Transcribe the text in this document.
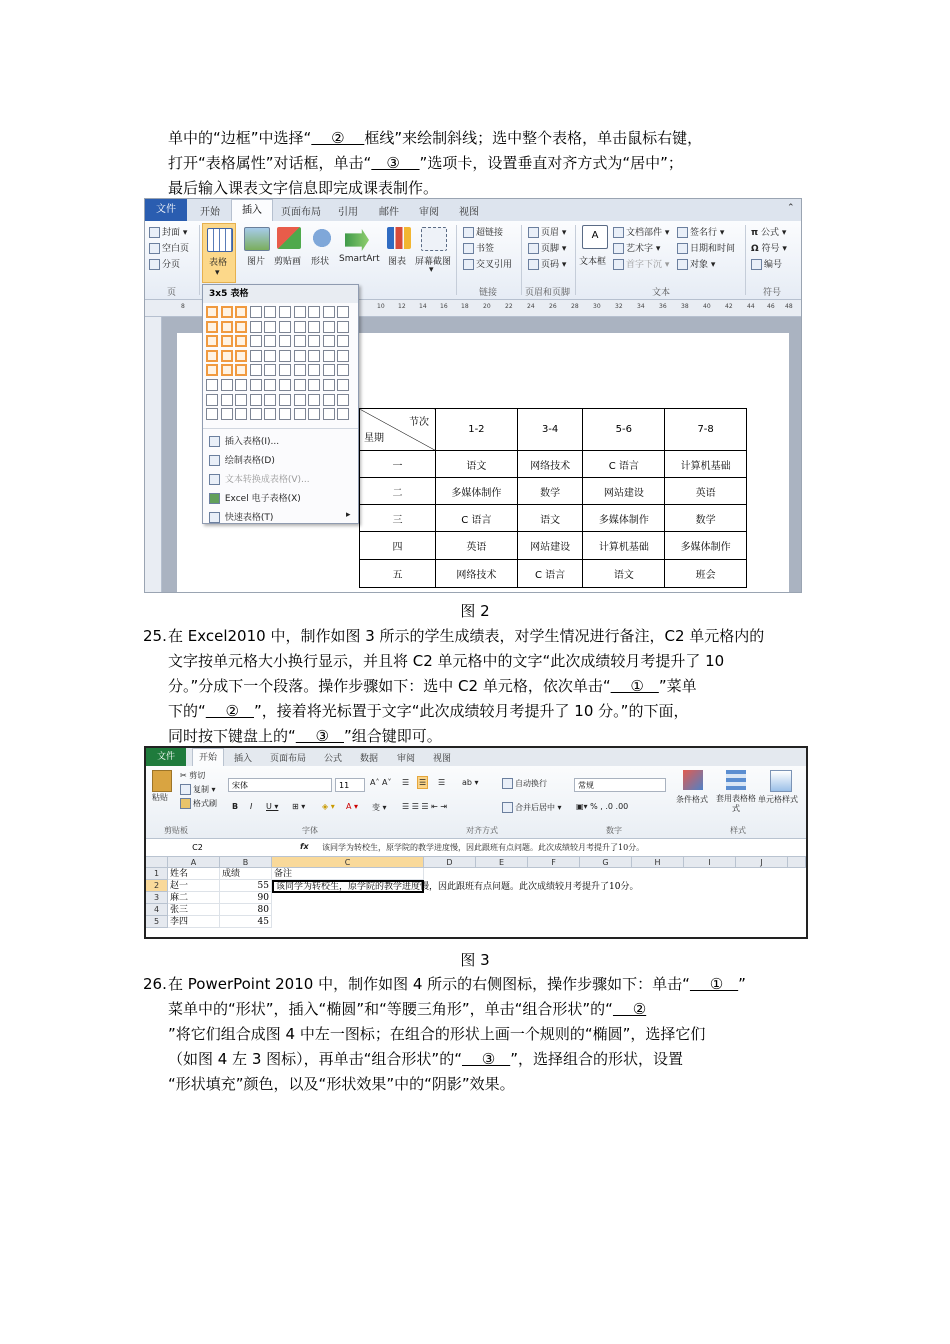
单中的“边框”中选择“　 ② 　框线”来绘制斜线；选中整个表格，单击鼠标右键，

打开“表格属性”对话框，单击“　③ 　”选项卡，设置垂直对齐方式为“居中”；

最后输入课表文字信息即完成课表制作。

文件	开始	插入	页面布局 引用 邮件 审阅 视图	⌃
封面 ▾
空白页
分页	表格
▾
图片 剪贴画 形状 SmartArt 图表 屏幕截图
▾
超链接
书签
交叉引用
页眉 ▾
页脚 ▾
页码 ▾
A
文本框
文档部件 ▾
艺术字 ▾
首字下沉 ▾
签名行 ▾
日期和时间
对象 ▾
π 公式 ▾
Ω 符号 ▾
编号
页	链接	页眉和页脚	文本	符号
8	10 12 14 16 18 20 22 24 26 28 30 32 34 36 38 40 42 44 46 48
节次
星期	1-2	3-4	5-6	7-8
一	语文	网络技术	C 语言	计算机基础
二	多媒体制作	数学	网站建设	英语
三	C 语言	语文	多媒体制作	数学
四	英语	网站建设	计算机基础	多媒体制作
五	网络技术	C 语言	语文	班会
3x5 表格
插入表格(I)...
绘制表格(D)
文本转换成表格(V)...
Excel 电子表格(X)
快速表格(T)	▸
图 2
25. 在 Excel2010 中，制作如图 3 所示的学生成绩表，对学生情况进行备注，C2 单元格内的

文字按单元格大小换行显示，并且将 C2 单元格中的文字“此次成绩较月考提升了 10

分。”分成下一个段落。操作步骤如下：选中 C2 单元格，依次单击“　 ①　”菜单

下的“　 ②　”，接着将光标置于文字“此次成绩较月考提升了 10 分。”的下面，

同时按下键盘上的“　 ③　”组合键即可。

文件	开始	插入 页面布局 公式 数据 审阅 视图
粘贴
✂ 剪切
复制 ▾
格式刷
宋体	11	A˄ A˅
B I U ▾ ⊞ ▾ ◈ ▾ A ▾ 变 ▾
☰ ☰ ☰ ab ▾
☰ ☰ ☰ ⇤ ⇥
自动换行
合并后居中 ▾
常规
▣▾ % , .0 .00
条件格式 套用表格格式
单元格样式
剪贴板	字体	对齐方式	数字	样式
C2	fx 该同学为转校生，原学院的教学进度慢，因此跟班有点问题。此次成绩较月考提升了10分。
A	B	C	D	E	F	G	H	I	J
1
2
3
4
5
姓名	成绩	备注
赵一	55 该同学为转校生，原学院的教学进度慢，因此跟班有点问题。此次成绩较月考提升了10分。
麻二	90
张三	80
李四	45
图 3
26. 在 PowerPoint 2010 中，制作如图 4 所示的右侧图标，操作步骤如下：单击“　 ①　”

菜单中的“形状”，插入“椭圆”和“等腰三角形”，单击“组合形状”的“　 ②

”将它们组合成图 4 中左一图标；在组合的形状上画一个规则的“椭圆”，选择它们

（如图 4 左 3 图标），再单击“组合形状”的“　 ③　”，选择组合的形状，设置

“形状填充”颜色，以及“形状效果”中的“阴影”效果。
